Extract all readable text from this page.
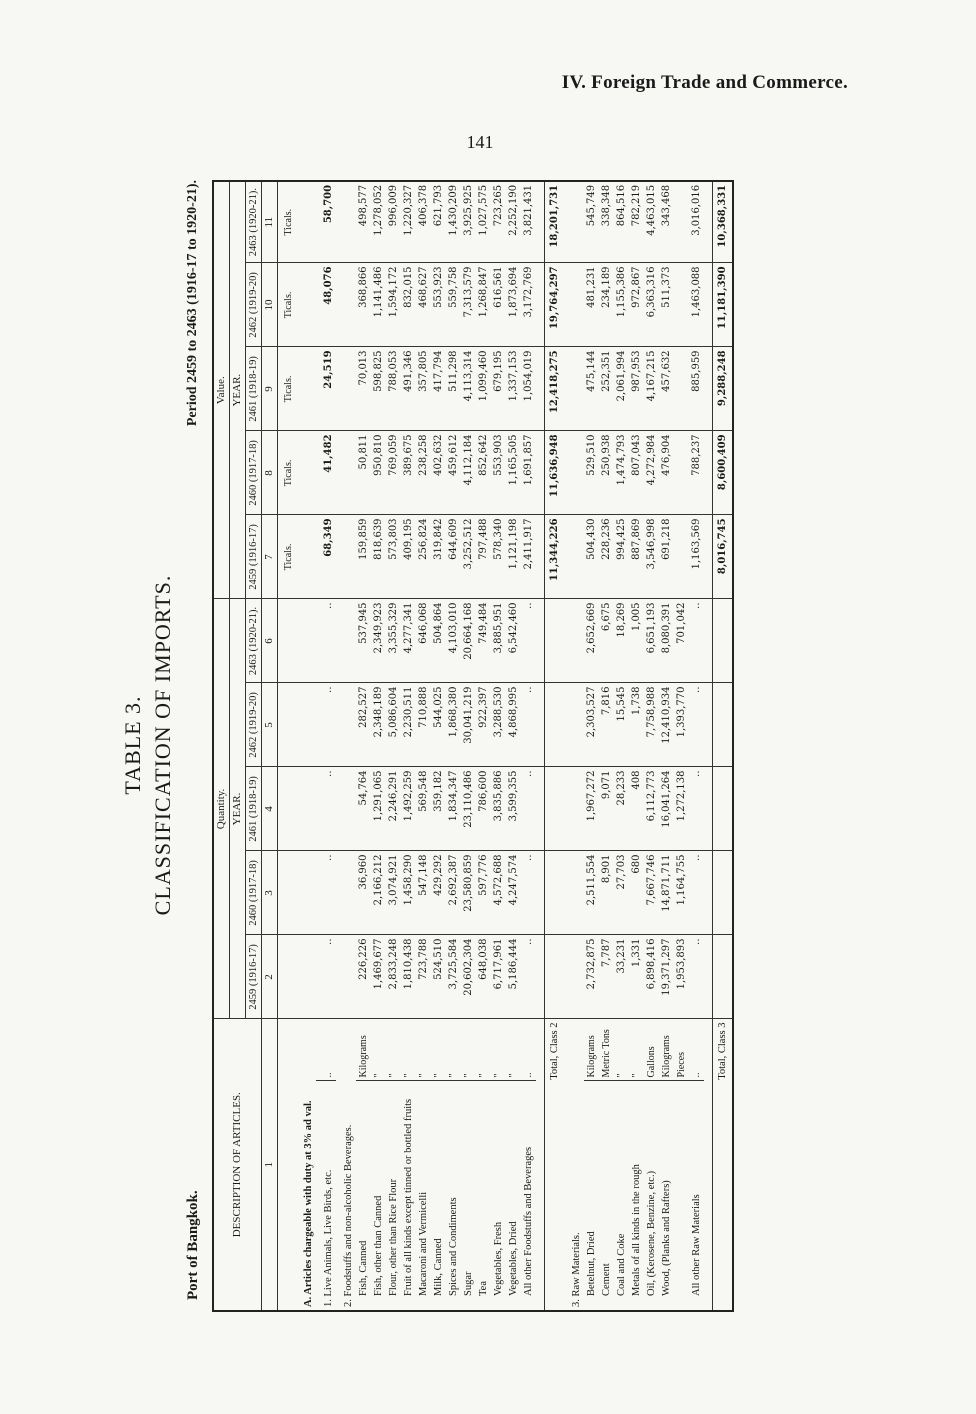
IV. Foreign Trade and Commerce.
141
TABLE 3. CLASSIFICATION OF IMPORTS.
Port of Bangkok.
Period 2459 to 2463 (1916-17 to 1920-21).
DESCRIPTION OF ARTICLES.		Quantity.					Value.				
		YEAR.					YEAR.				
		2459 (1916-17)	2460 (1917-18)	2461 (1918-19)	2462 (1919-20)	2463 (1920-21).	2459 (1916-17)	2460 (1917-18)	2461 (1918-19)	2462 (1919-20)	2463 (1920-21).
1		2	3	4	5	6	7	8	9	10	11
							Ticals.	Ticals.	Ticals.	Ticals.	Ticals.
A. Articles chargeable with duty at 3% ad val.											
1. Live Animals, Live Birds, etc.	..	..	..	..	..	..	68,349	41,482	24,519	48,076	58,700
2. Foodstuffs and non-alcoholic Beverages.											
Fish, Canned	Kilograms	226,226	36,960	54,764	282,527	537,945	159,859	50,811	70,013	368,866	498,577
Fish, other than Canned	"	1,469,677	2,166,212	1,291,065	2,348,189	2,349,923	818,639	950,810	598,825	1,141,486	1,278,052
Flour, other than Rice Flour	"	2,833,248	3,074,921	2,246,291	5,086,604	3,355,329	573,803	769,059	788,053	1,594,172	996,009
Fruit of all kinds except tinned or bottled fruits	"	1,810,438	1,458,290	1,492,259	2,230,511	4,277,341	409,195	389,675	491,346	832,015	1,220,327
Macaroni and Vermicelli	"	723,788	547,148	569,548	710,888	646,068	256,824	238,258	357,805	468,627	406,378
Milk, Canned	"	524,510	429,292	359,182	544,025	504,864	319,842	402,632	417,794	553,923	621,793
Spices and Condiments	"	3,725,584	2,692,387	1,834,347	1,868,380	4,103,010	644,609	459,612	511,298	559,758	1,430,209
Sugar	"	20,602,304	23,580,859	23,110,486	30,041,219	20,664,168	3,252,512	4,112,184	4,113,314	7,313,579	3,925,925
Tea	"	648,038	597,776	786,600	922,397	749,484	797,488	852,642	1,099,460	1,268,847	1,027,575
Vegetables, Fresh	"	6,717,961	4,572,688	3,835,886	3,288,530	3,885,951	578,340	553,903	679,195	616,561	723,265
Vegetables, Dried	"	5,186,444	4,247,574	3,599,355	4,868,995	6,542,460	1,121,198	1,165,505	1,337,153	1,873,694	2,252,190
All other Foodstuffs and Beverages	..	..	..	..	..	..	2,411,917	1,691,857	1,054,019	3,172,769	3,821,431

Total, Class 2							11,344,226	11,636,948	12,418,275	19,764,297	18,201,731
3. Raw Materials.											
Betelnut, Dried	Kilograms	2,732,875	2,511,554	1,967,272	2,303,527	2,652,669	504,430	529,510	475,144	481,231	545,749
Cement	Metric Tons	7,787	8,901	9,071	7,816	6,675	228,236	250,938	252,351	234,189	338,348
Coal and Coke	"	33,231	27,703	28,233	15,545	18,269	994,425	1,474,793	2,061,994	1,155,386	864,516
Metals of all kinds in the rough	"	1,331	680	408	1,738	1,005	887,869	807,043	987,953	972,867	782,219
Oil, (Kerosene, Benzine, etc.)	Gallons	6,898,416	7,667,746	6,112,773	7,758,988	6,651,193	3,546,998	4,272,984	4,167,215	6,363,316	4,463,015
Wood, (Planks and Rafters)	Kilograms	19,371,297	14,871,711	16,041,264	12,410,934	8,080,391	691,218	476,904	457,632	511,373	343,468
	Pieces	1,953,893	1,164,755	1,272,138	1,393,770	701,042					
All other Raw Materials	..	..	..	..	..	..	1,163,569	788,237	885,959	1,463,088	3,016,016

Total, Class 3							8,016,745	8,600,409	9,288,248	11,181,390	10,368,331
